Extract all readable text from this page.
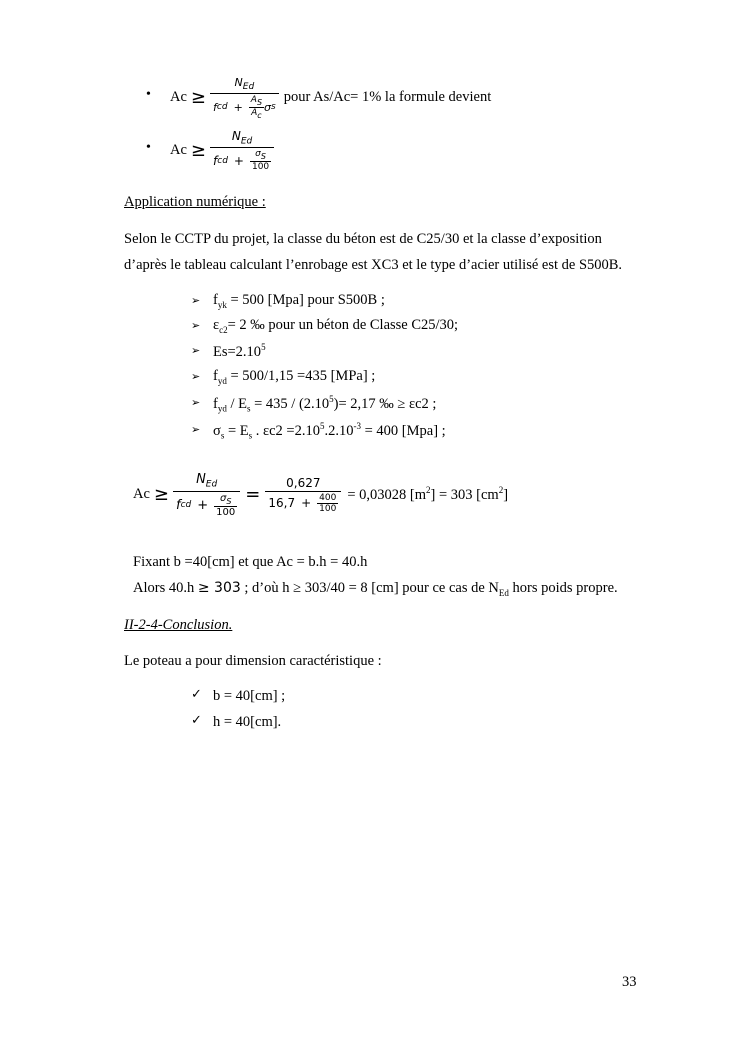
• $Ac \ge \frac{N_{Ed}}{f cd + \frac{A_S}{A_c} \sigma s}$ pour As/Ac= 1% la formule devient
• $Ac \ge \frac{N_{Ed}}{f cd + \frac{\sigma_S}{100}}$
Application numérique :
Selon le CCTP du projet, la classe du béton est de C25/30 et la classe d’exposition
d’après le tableau calculant l’enrobage est XC3 et le type d’acier utilisé est de S500B.
➢ $f_{yk} = 500$ [Mpa] pour S500B ;
➢ $\varepsilon_{c2}= 2$ ‰ pour un béton de Classe C25/30;
➢ $Es=2.10^5$
➢ $f_{yd} = 500/1,15 =435$ [MPa] ;
➢ $f_{yd} / E_s = 435 / (2.10^5)= 2,17$ ‰ ≥ εc2 ;
➢ $\sigma_s = E_s$ . $\varepsilon c2 =2.10^5.2.10^{-3} = 400$ [Mpa] ;
$Ac \ge \frac{N_{Ed}}{f cd + \frac{\sigma_S}{100}} = \frac{0,627}{16,7 + \frac{400}{100}} = 0,03028$ $[m^2] = 303$ $[cm^2]$
Fixant b =40[cm] et que Ac = b.h = 40.h
Alors 40.h ≥ 303 ; d’où h ≥ 303/40 = 8 [cm] pour ce cas de $N_{Ed}$ hors poids propre.
II-2-4-Conclusion.
Le poteau a pour dimension caractéristique :
✓ b = 40[cm] ;
✓ h = 40[cm].
33
